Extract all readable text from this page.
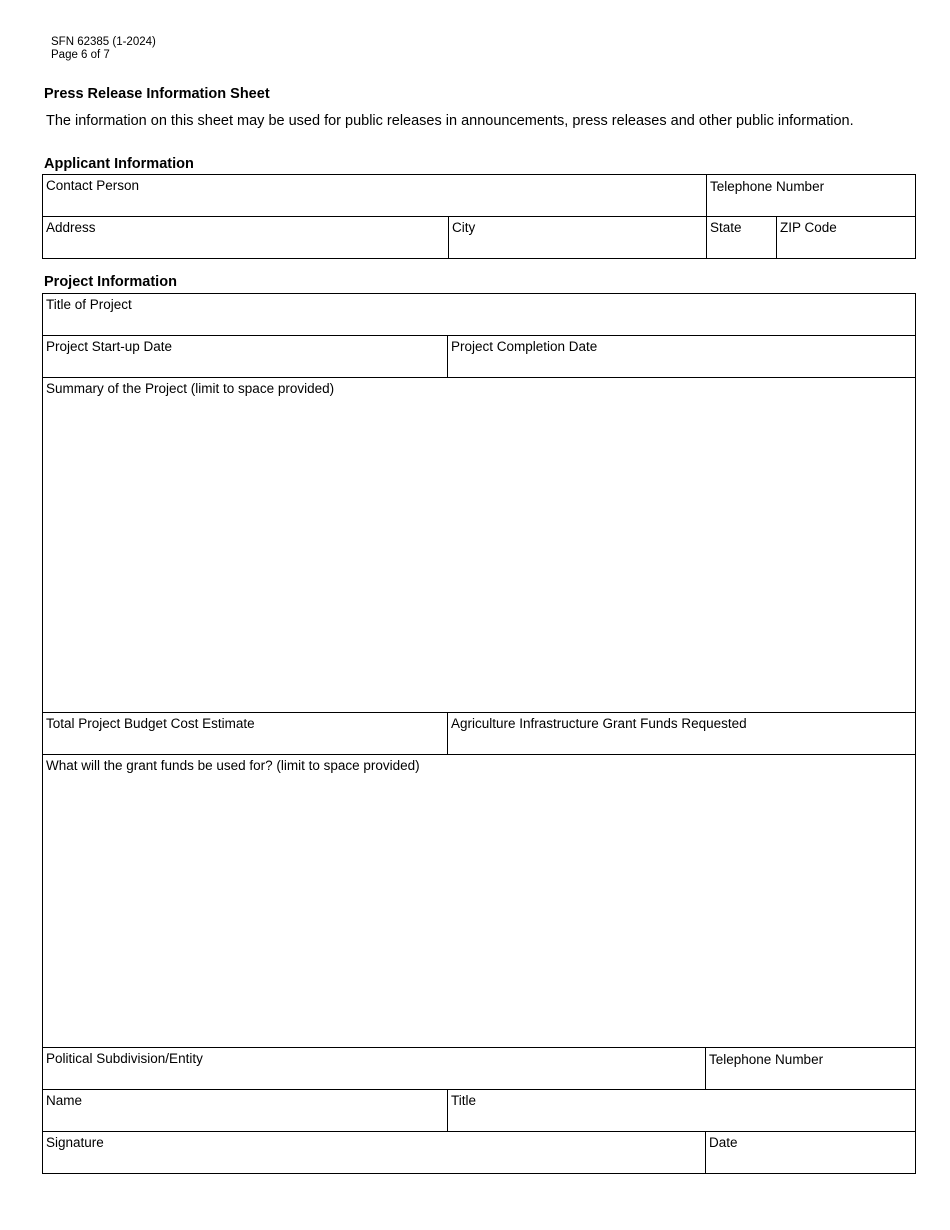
SFN 62385 (1-2024)
Page 6 of 7
Press Release Information Sheet
The information on this sheet may be used for public releases in announcements, press releases and other public information.
Applicant Information
Contact Person	Telephone Number
Address	City	State	ZIP Code
Project Information
Title of Project
Project Start-up Date	Project Completion Date
Summary of the Project (limit to space provided)
Total Project Budget Cost Estimate	Agriculture Infrastructure Grant Funds Requested
What will the grant funds be used for? (limit to space provided)
Political Subdivision/Entity	Telephone Number
Name	Title
Signature	Date
